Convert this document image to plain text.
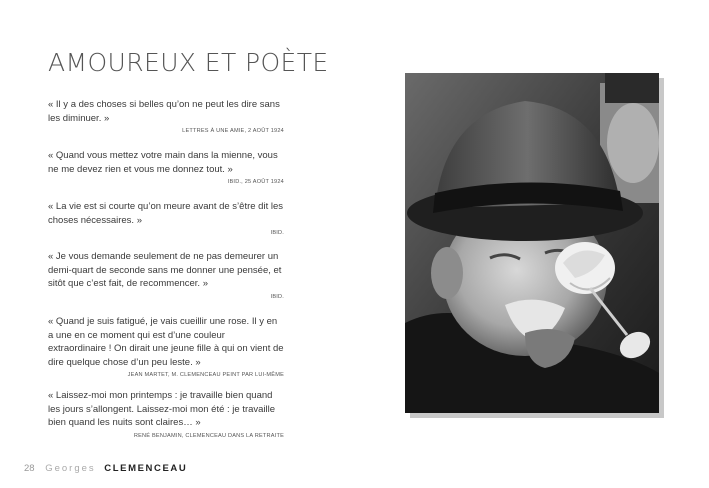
AMOUREUX ET POÈTE
« Il y a des choses si belles qu’on ne peut les dire sans les diminuer. »
LETTRES À UNE AMIE, 2 AOÛT 1924
« Quand vous mettez votre main dans la mienne, vous ne me devez rien et vous me donnez tout. »
IBID., 25 AOÛT 1924
« La vie est si courte qu’on meure avant de s’être dit les choses nécessaires. »
IBID.
« Je vous demande seulement de ne pas demeurer un demi-quart de seconde sans me donner une pensée, et sitôt que c’est fait, de recommencer. »
IBID.
« Quand je suis fatigué, je vais cueillir une rose. Il y en a une en ce moment qui est d’une couleur extraordinaire ! On dirait une jeune fille à qui on vient de dire quelque chose d’un peu leste. »
JEAN MARTET, M. CLEMENCEAU PEINT PAR LUI-MÊME
« Laissez-moi mon printemps : je travaille bien quand les jours s’allongent. Laissez-moi mon été : je travaille bien quand les nuits sont claires… »
RENÉ BENJAMIN, CLEMENCEAU DANS LA RETRAITE
28 Georges CLEMENCEAU
